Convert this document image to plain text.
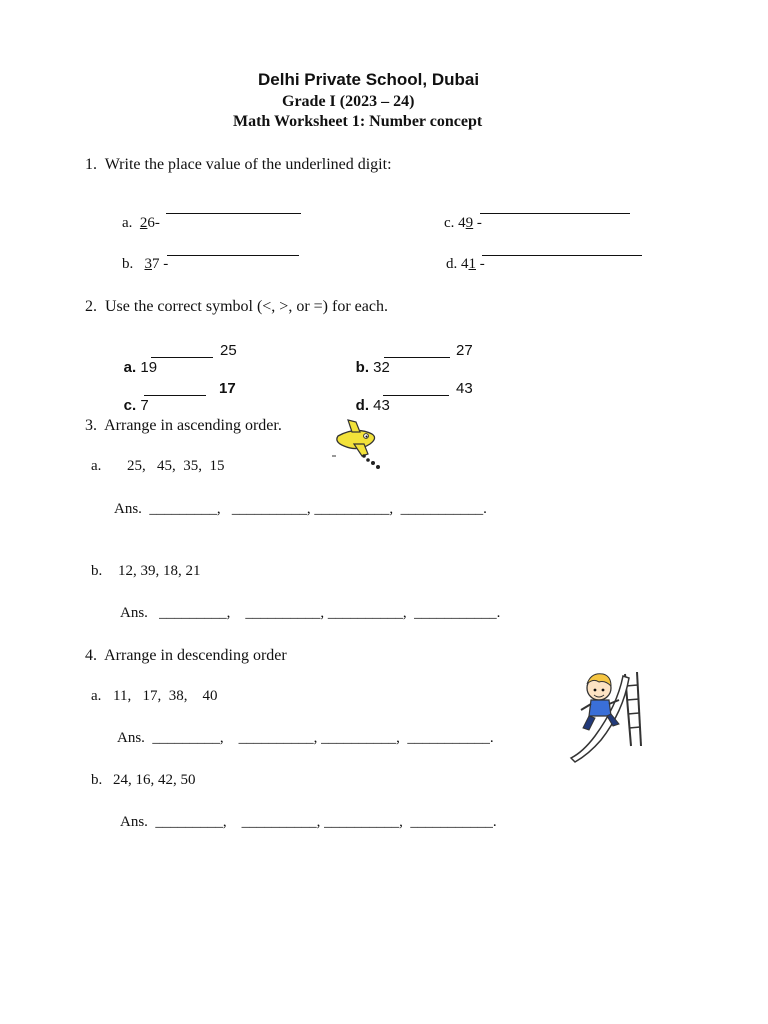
Delhi Private School, Dubai
Grade I (2023 – 24)
Math Worksheet 1: Number concept
1.  Write the place value of the underlined digit:

a.  26-
	c. 49 -

b.   37 -
	d. 41 -

2.  Use the correct symbol (<, >, or =) for each.

a. 19

25

b. 32

27

c. 7

17

d. 43

43
3.  Arrange in ascending order.
a. 25,   45,  35,  15
Ans.  _________,   __________, __________,  ___________.
b. 12, 39, 18, 21
Ans.   _________,    __________, __________,  ___________.
4.  Arrange in descending order
a. 11,   17,  38,    40
Ans.  _________,    __________, __________,  ___________.
b. 24, 16, 42, 50
Ans.  _________,    __________, __________,  ___________.
